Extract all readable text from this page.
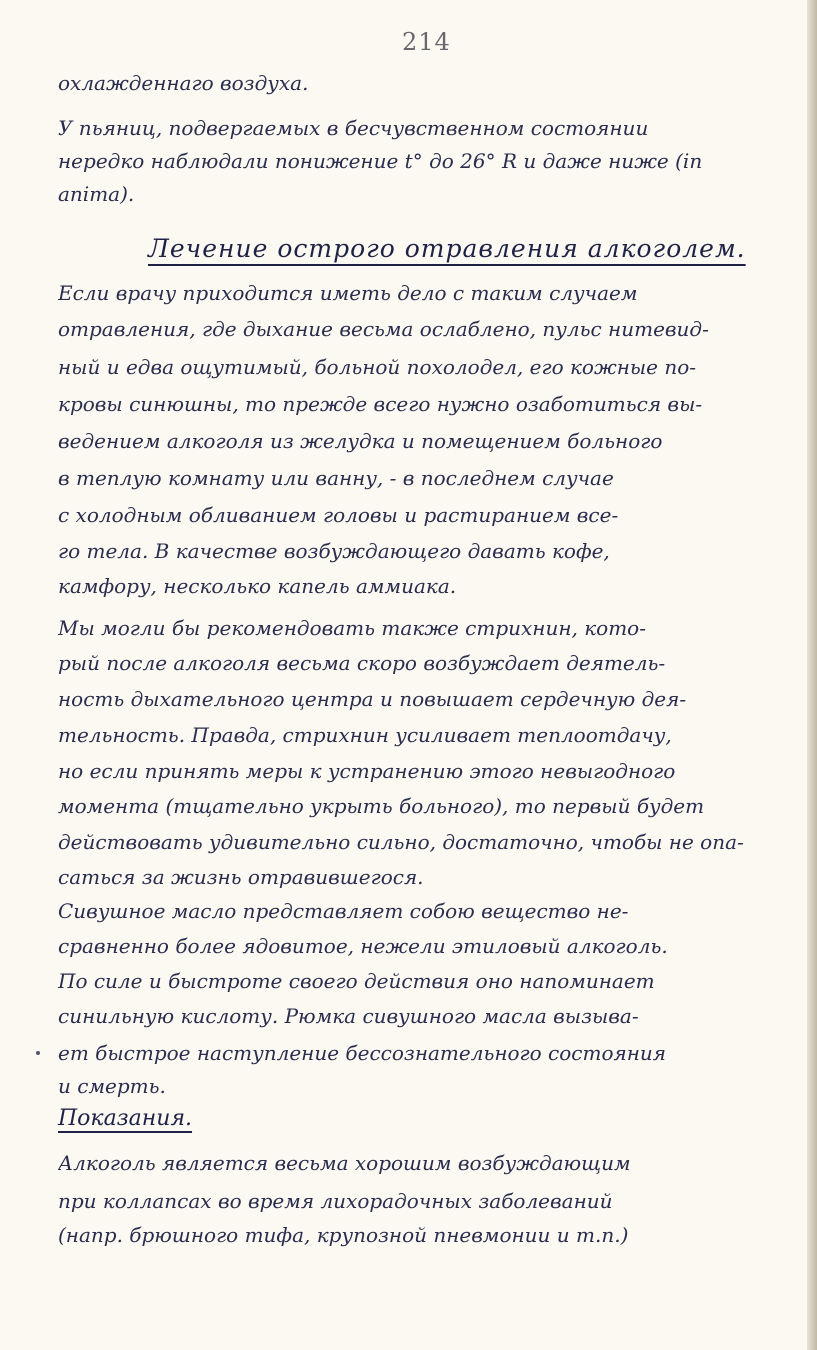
214
охлажденнаго воздуха.
У пьяниц, подвергаемых в бесчувственном состоянии
нередко наблюдали понижение t° до 26° R и даже ниже (in
anima).
Лечение острого отравления алкоголем.
Если врачу приходится иметь дело с таким случаем
отравления, где дыхание весьма ослаблено, пульс нитевид-
ный и едва ощутимый, больной похолодел, его кожные по-
кровы синюшны, то прежде всего нужно озаботиться вы-
ведением алкоголя из желудка и помещением больного
в теплую комнату или ванну, - в последнем случае
с холодным обливанием головы и растиранием все-
го тела. В качестве возбуждающего давать кофе,
камфору, несколько капель аммиака.
Мы могли бы рекомендовать также стрихнин, кото-
рый после алкоголя весьма скоро возбуждает деятель-
ность дыхательного центра и повышает сердечную дея-
тельность. Правда, стрихнин усиливает теплоотдачу,
но если принять меры к устранению этого невыгодного
момента (тщательно укрыть больного), то первый будет
действовать удивительно сильно, достаточно, чтобы не опа-
саться за жизнь отравившегося.
Сивушное масло представляет собою вещество не-
сравненно более ядовитое, нежели этиловый алкоголь.
По силе и быстроте своего действия оно напоминает
синильную кислоту. Рюмка сивушного масла вызыва-
ет быстрое наступление бессознательного состояния
и смерть.
Показания.
Алкоголь является весьма хорошим возбуждающим
при коллапсах во время лихорадочных заболеваний
(напр. брюшного тифа, крупозной пневмонии и т.п.)
